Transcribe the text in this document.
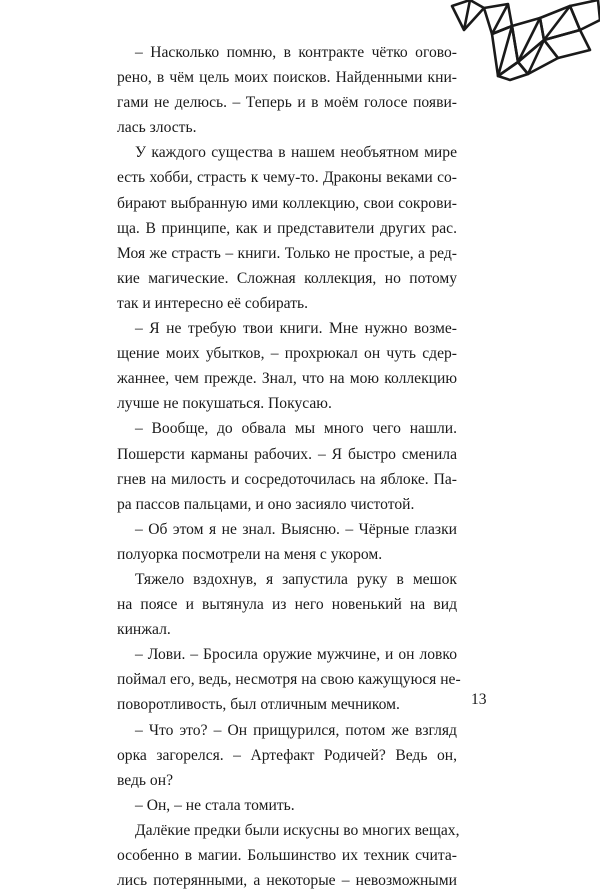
– Насколько помню, в контракте чётко огово-
рено, в чём цель моих поисков. Найденными кни-
гами не делюсь. – Теперь и в моём голосе появи-
лась злость.
У каждого существа в нашем необъятном мире
есть хобби, страсть к чему-то. Драконы веками со-
бирают выбранную ими коллекцию, свои сокрови-
ща. В принципе, как и представители других рас.
Моя же страсть – книги. Только не простые, а ред-
кие магические. Сложная коллекция, но потому
так и интересно её собирать.
– Я не требую твои книги. Мне нужно возме-
щение моих убытков, – прохрюкал он чуть сдер-
жаннее, чем прежде. Знал, что на мою коллекцию
лучше не покушаться. Покусаю.
– Вообще, до обвала мы много чего нашли.
Пошерсти карманы рабочих. – Я быстро сменила
гнев на милость и сосредоточилась на яблоке. Па-
ра пассов пальцами, и оно засияло чистотой.
– Об этом я не знал. Выясню. – Чёрные глазки
полуорка посмотрели на меня с укором.
Тяжело вздохнув, я запустила руку в мешок
на поясе и вытянула из него новенький на вид
кинжал.
– Лови. – Бросила оружие мужчине, и он ловко
поймал его, ведь, несмотря на свою кажущуюся не-
поворотливость, был отличным мечником.
– Что это? – Он прищурился, потом же взгляд
орка загорелся. – Артефакт Родичей? Ведь он,
ведь он?
– Он, – не стала томить.
Далёкие предки были искусны во многих вещах,
особенно в магии. Большинство их техник счита-
лись потерянными, а некоторые – невозможными
13
